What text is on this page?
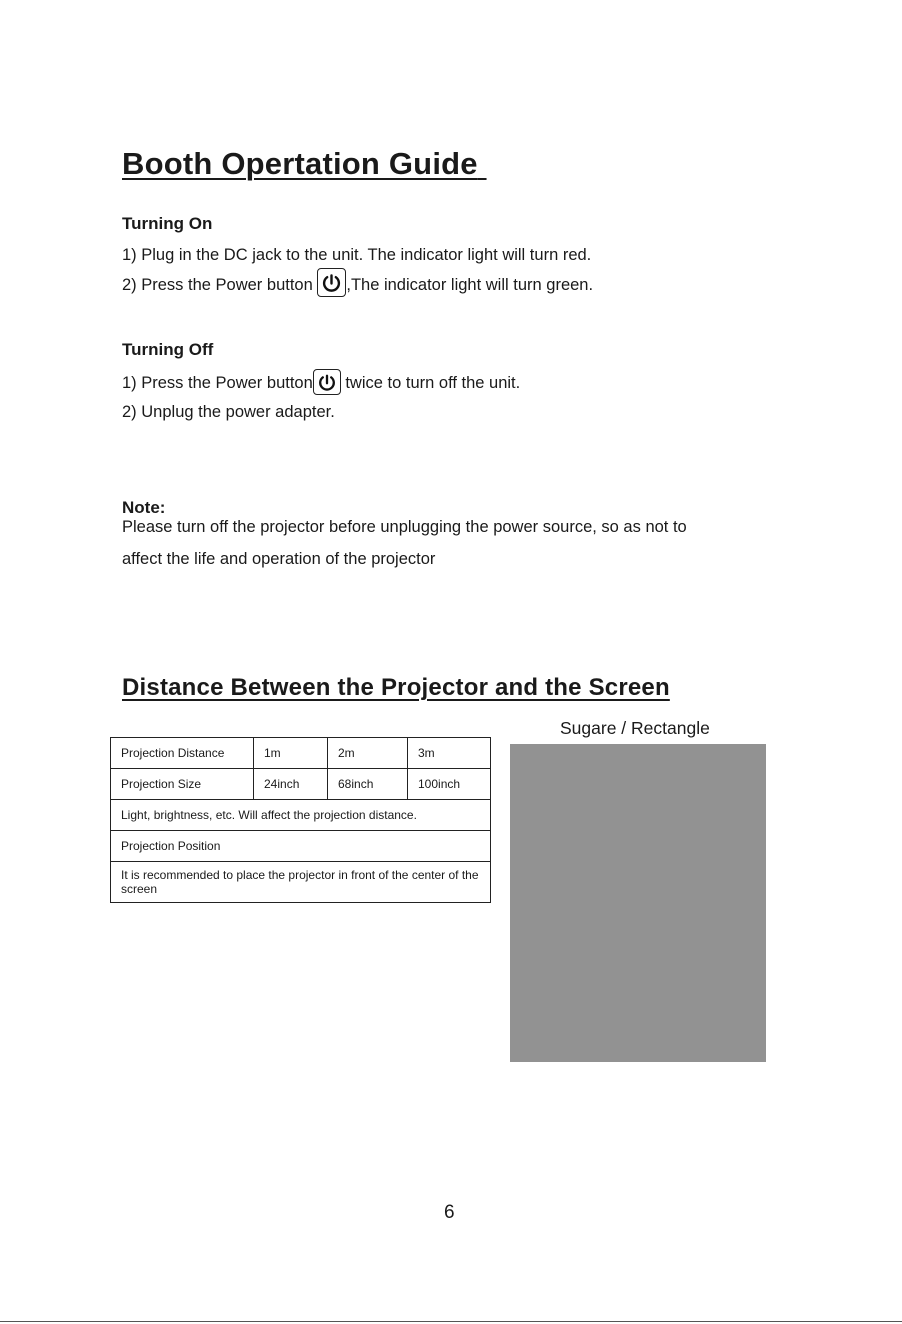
Booth Opertation Guide
Turning On
1) Plug in the DC jack to the unit. The indicator light will turn red.
2) Press the Power button
,The indicator light will turn green.
Turning Off
1) Press the Power button
twice to turn off the unit.
2) Unplug the power adapter.
Note:
Please turn off the projector before unplugging the power source, so as not to
affect the life and operation of the projector
Distance Between the Projector and the Screen
Projection Distance	1m	2m	3m
Projection Size	24inch	68inch	100inch
Light, brightness, etc. Will affect the projection distance.			
Projection Position			
It is recommended to place the projector in front of the center of the screen			
Sugare / Rectangle
6
